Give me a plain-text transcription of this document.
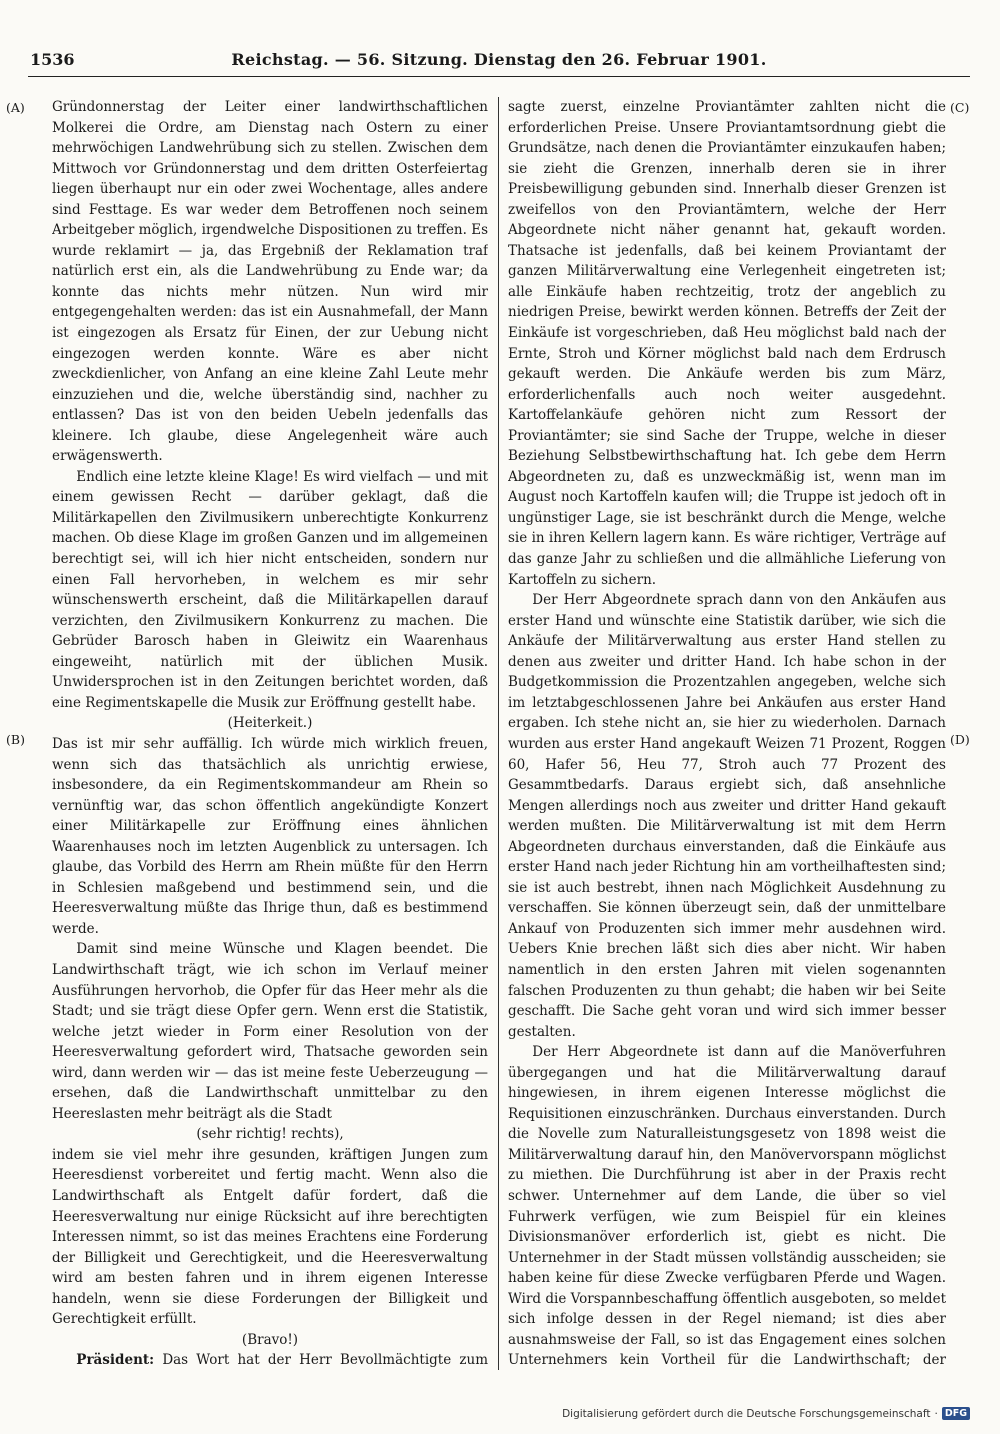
1536	Reichstag. — 56. Sitzung. Dienstag den 26. Februar 1901.
(A)
(B)
(C)
(D)

Gründonnerstag der Leiter einer landwirthschaftlichen Molkerei die Ordre, am Dienstag nach Ostern zu einer mehrwöchigen Landwehrübung sich zu stellen. Zwischen dem Mittwoch vor Gründonnerstag und dem dritten Osterfeiertag liegen überhaupt nur ein oder zwei Wochentage, alles andere sind Festtage. Es war weder dem Betroffenen noch seinem Arbeitgeber möglich, irgendwelche Dispositionen zu treffen. Es wurde reklamirt — ja, das Ergebniß der Reklamation traf natürlich erst ein, als die Landwehrübung zu Ende war; da konnte das nichts mehr nützen. Nun wird mir entgegengehalten werden: das ist ein Ausnahmefall, der Mann ist eingezogen als Ersatz für Einen, der zur Uebung nicht eingezogen werden konnte. Wäre es aber nicht zweckdienlicher, von Anfang an eine kleine Zahl Leute mehr einzuziehen und die, welche überständig sind, nachher zu entlassen? Das ist von den beiden Uebeln jedenfalls das kleinere. Ich glaube, diese Angelegenheit wäre auch erwägenswerth.

Endlich eine letzte kleine Klage! Es wird vielfach — und mit einem gewissen Recht — darüber geklagt, daß die Militärkapellen den Zivilmusikern unberechtigte Konkurrenz machen. Ob diese Klage im großen Ganzen und im allgemeinen berechtigt sei, will ich hier nicht entscheiden, sondern nur einen Fall hervorheben, in welchem es mir sehr wünschenswerth erscheint, daß die Militärkapellen darauf verzichten, den Zivilmusikern Konkurrenz zu machen. Die Gebrüder Barosch haben in Gleiwitz ein Waarenhaus eingeweiht, natürlich mit der üblichen Musik. Unwidersprochen ist in den Zeitungen berichtet worden, daß eine Regimentskapelle die Musik zur Eröffnung gestellt habe.

(Heiterkeit.)

Das ist mir sehr auffällig. Ich würde mich wirklich freuen, wenn sich das thatsächlich als unrichtig erwiese, insbesondere, da ein Regimentskommandeur am Rhein so vernünftig war, das schon öffentlich angekündigte Konzert einer Militärkapelle zur Eröffnung eines ähnlichen Waarenhauses noch im letzten Augenblick zu untersagen. Ich glaube, das Vorbild des Herrn am Rhein müßte für den Herrn in Schlesien maßgebend und bestimmend sein, und die Heeresverwaltung müßte das Ihrige thun, daß es bestimmend werde.

Damit sind meine Wünsche und Klagen beendet. Die Landwirthschaft trägt, wie ich schon im Verlauf meiner Ausführungen hervorhob, die Opfer für das Heer mehr als die Stadt; und sie trägt diese Opfer gern. Wenn erst die Statistik, welche jetzt wieder in Form einer Resolution von der Heeresverwaltung gefordert wird, Thatsache geworden sein wird, dann werden wir — das ist meine feste Ueberzeugung — ersehen, daß die Landwirthschaft unmittelbar zu den Heereslasten mehr beiträgt als die Stadt

(sehr richtig! rechts),

indem sie viel mehr ihre gesunden, kräftigen Jungen zum Heeresdienst vorbereitet und fertig macht. Wenn also die Landwirthschaft als Entgelt dafür fordert, daß die Heeresverwaltung nur einige Rücksicht auf ihre berechtigten Interessen nimmt, so ist das meines Erachtens eine Forderung der Billigkeit und Gerechtigkeit, und die Heeresverwaltung wird am besten fahren und in ihrem eigenen Interesse handeln, wenn sie diese Forderungen der Billigkeit und Gerechtigkeit erfüllt.

(Bravo!)

Präsident: Das Wort hat der Herr Bevollmächtigte zum

sagte zuerst, einzelne Proviantämter zahlten nicht die erforderlichen Preise. Unsere Proviantamtsordnung giebt die Grundsätze, nach denen die Proviantämter einzukaufen haben; sie zieht die Grenzen, innerhalb deren sie in ihrer Preisbewilligung gebunden sind. Innerhalb dieser Grenzen ist zweifellos von den Proviantämtern, welche der Herr Abgeordnete nicht näher genannt hat, gekauft worden. Thatsache ist jedenfalls, daß bei keinem Proviantamt der ganzen Militärverwaltung eine Verlegenheit eingetreten ist; alle Einkäufe haben rechtzeitig, trotz der angeblich zu niedrigen Preise, bewirkt werden können. Betreffs der Zeit der Einkäufe ist vorgeschrieben, daß Heu möglichst bald nach der Ernte, Stroh und Körner möglichst bald nach dem Erdrusch gekauft werden. Die Ankäufe werden bis zum März, erforderlichenfalls auch noch weiter ausgedehnt. Kartoffelankäufe gehören nicht zum Ressort der Proviantämter; sie sind Sache der Truppe, welche in dieser Beziehung Selbstbewirthschaftung hat. Ich gebe dem Herrn Abgeordneten zu, daß es unzweckmäßig ist, wenn man im August noch Kartoffeln kaufen will; die Truppe ist jedoch oft in ungünstiger Lage, sie ist beschränkt durch die Menge, welche sie in ihren Kellern lagern kann. Es wäre richtiger, Verträge auf das ganze Jahr zu schließen und die allmähliche Lieferung von Kartoffeln zu sichern.

Der Herr Abgeordnete sprach dann von den Ankäufen aus erster Hand und wünschte eine Statistik darüber, wie sich die Ankäufe der Militärverwaltung aus erster Hand stellen zu denen aus zweiter und dritter Hand. Ich habe schon in der Budgetkommission die Prozentzahlen angegeben, welche sich im letztabgeschlossenen Jahre bei Ankäufen aus erster Hand ergaben. Ich stehe nicht an, sie hier zu wiederholen. Darnach wurden aus erster Hand angekauft Weizen 71 Prozent, Roggen 60, Hafer 56, Heu 77, Stroh auch 77 Prozent des Gesammtbedarfs. Daraus ergiebt sich, daß ansehnliche Mengen allerdings noch aus zweiter und dritter Hand gekauft werden mußten. Die Militärverwaltung ist mit dem Herrn Abgeordneten durchaus einverstanden, daß die Einkäufe aus erster Hand nach jeder Richtung hin am vortheilhaftesten sind; sie ist auch bestrebt, ihnen nach Möglichkeit Ausdehnung zu verschaffen. Sie können überzeugt sein, daß der unmittelbare Ankauf von Produzenten sich immer mehr ausdehnen wird. Uebers Knie brechen läßt sich dies aber nicht. Wir haben namentlich in den ersten Jahren mit vielen sogenannten falschen Produzenten zu thun gehabt; die haben wir bei Seite geschafft. Die Sache geht voran und wird sich immer besser gestalten.

Der Herr Abgeordnete ist dann auf die Manöverfuhren übergegangen und hat die Militärverwaltung darauf hingewiesen, in ihrem eigenen Interesse möglichst die Requisitionen einzuschränken. Durchaus einverstanden. Durch die Novelle zum Naturalleistungsgesetz von 1898 weist die Militärverwaltung darauf hin, den Manövervorspann möglichst zu miethen. Die Durchführung ist aber in der Praxis recht schwer. Unternehmer auf dem Lande, die über so viel Fuhrwerk verfügen, wie zum Beispiel für ein kleines Divisionsmanöver erforderlich ist, giebt es nicht. Die Unternehmer in der Stadt müssen vollständig ausscheiden; sie haben keine für diese Zwecke verfügbaren Pferde und Wagen. Wird die Vorspannbeschaffung öffentlich ausgeboten, so meldet sich infolge dessen in der Regel niemand; ist dies aber ausnahmsweise der Fall, so ist das Engagement eines solchen Unternehmers kein Vortheil für die Landwirthschaft; der

Digitalisierung gefördert durch die Deutsche Forschungsgemeinschaft · DFG
